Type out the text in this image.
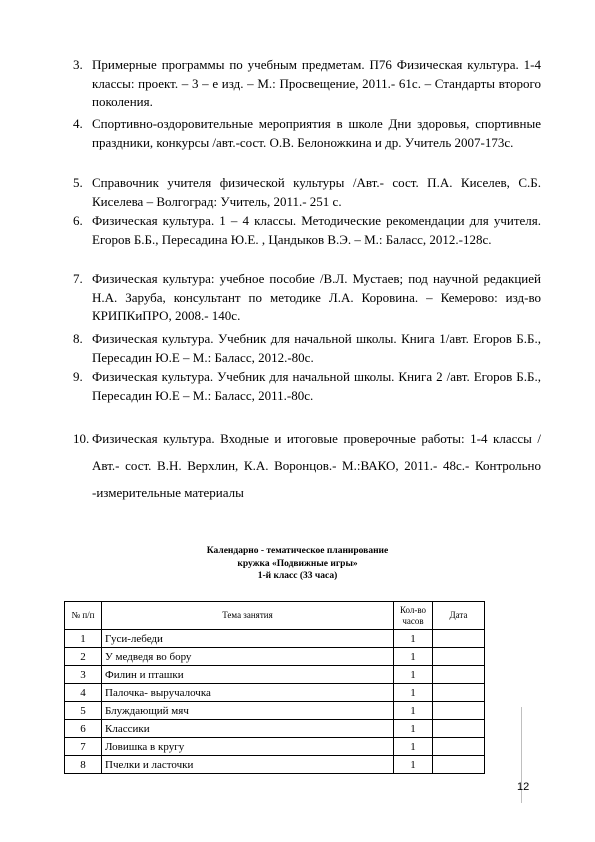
3. Примерные программы по учебным предметам. П76 Физическая культура. 1-4 классы: проект. – 3 – е изд. – М.: Просвещение, 2011.- 61с. – Стандарты второго поколения.
4. Спортивно-оздоровительные мероприятия в школе Дни здоровья, спортивные праздники, конкурсы /авт.-сост. О.В. Белоножкина и др. Учитель 2007-173с.
5. Справочник учителя физической культуры /Авт.- сост. П.А. Киселев, С.Б. Киселева – Волгоград: Учитель, 2011.- 251 с.
6. Физическая культура. 1 – 4 классы. Методические рекомендации для учителя. Егоров Б.Б., Пересадина Ю.Е. , Цандыков В.Э. – М.: Баласс, 2012.-128с.
7. Физическая культура: учебное пособие /В.Л. Мустаев; под научной редакцией Н.А. Заруба, консультант по методике Л.А. Коровина. – Кемерово: изд-во КРИПКиПРО, 2008.- 140с.
8. Физическая культура. Учебник для начальной школы. Книга 1/авт. Егоров Б.Б., Пересадин Ю.Е – М.: Баласс, 2012.-80с.
9. Физическая культура. Учебник для начальной школы. Книга 2 /авт. Егоров Б.Б., Пересадин Ю.Е – М.: Баласс, 2011.-80с.
10. Физическая культура. Входные и итоговые проверочные работы: 1-4 классы / Авт.- сост. В.Н. Верхлин, К.А. Воронцов.- М.:ВАКО, 2011.- 48с.- Контрольно -измерительные материалы
Календарно - тематическое планирование
кружка «Подвижные игры»
1-й класс (33 часа)
№ п/п	Тема занятия	Кол-во часов	Дата
1	Гуси-лебеди	1	
2	У медведя во бору	1	
3	Филин и пташки	1	
4	Палочка- выручалочка	1	
5	Блуждающий мяч	1	
6	Классики	1	
7	Ловишка в кругу	1	
8	Пчелки и ласточки	1	
12
